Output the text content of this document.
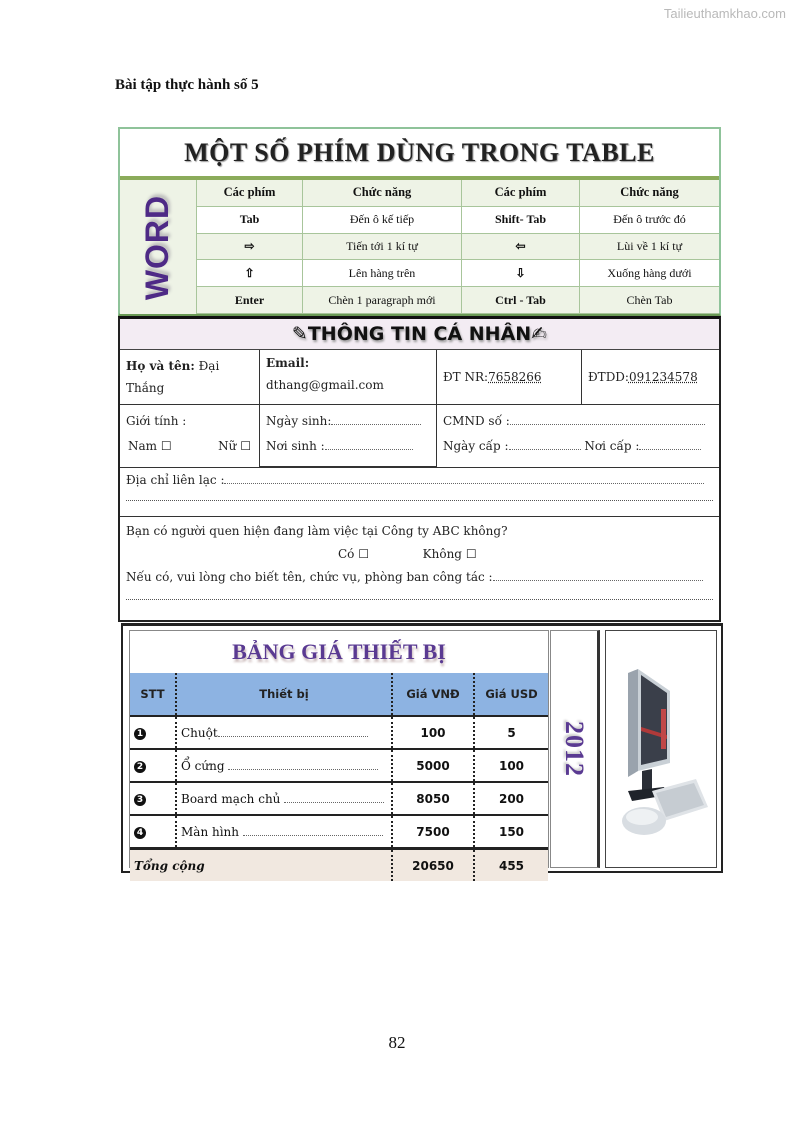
Tailieuthamkhao.com
Bài tập thực hành số 5
MỘT SỐ PHÍM DÙNG TRONG TABLE
WORD
Các phím	Chức năng	Các phím	Chức năng
Tab	Đến ô kế tiếp	Shift- Tab	Đến ô trước đó
⇨	Tiến tới 1 kí tự	⇦	Lùi về 1 kí tự
⇧	Lên hàng trên	⇩	Xuống hàng dưới
Enter	Chèn 1 paragraph mới	Ctrl - Tab	Chèn Tab
✎THÔNG TIN CÁ NHÂN✍
Họ và tên: Đại
Thắng
Email:
dthang@gmail.com
ĐT NR: 7658266	ĐTDD: 091234578
Giới tính :
Nam ☐	Nữ ☐
Ngày sinh:
Nơi sinh :
CMND số :
Ngày cấp :	Nơi cấp :
Địa chỉ liên lạc :
Bạn có người quen hiện đang làm việc tại Công ty ABC không?
Có ☐	Không ☐
Nếu có, vui lòng cho biết tên, chức vụ, phòng ban công tác :
BẢNG GIÁ THIẾT BỊ
STT	Thiết bị	Giá VNĐ	Giá USD
1	Chuột	100	5
2	Ổ cứng	5000	100
3	Board mạch chủ	8050	200
4	Màn hình	7500	150
Tổng cộng		20650	455
2012
82
